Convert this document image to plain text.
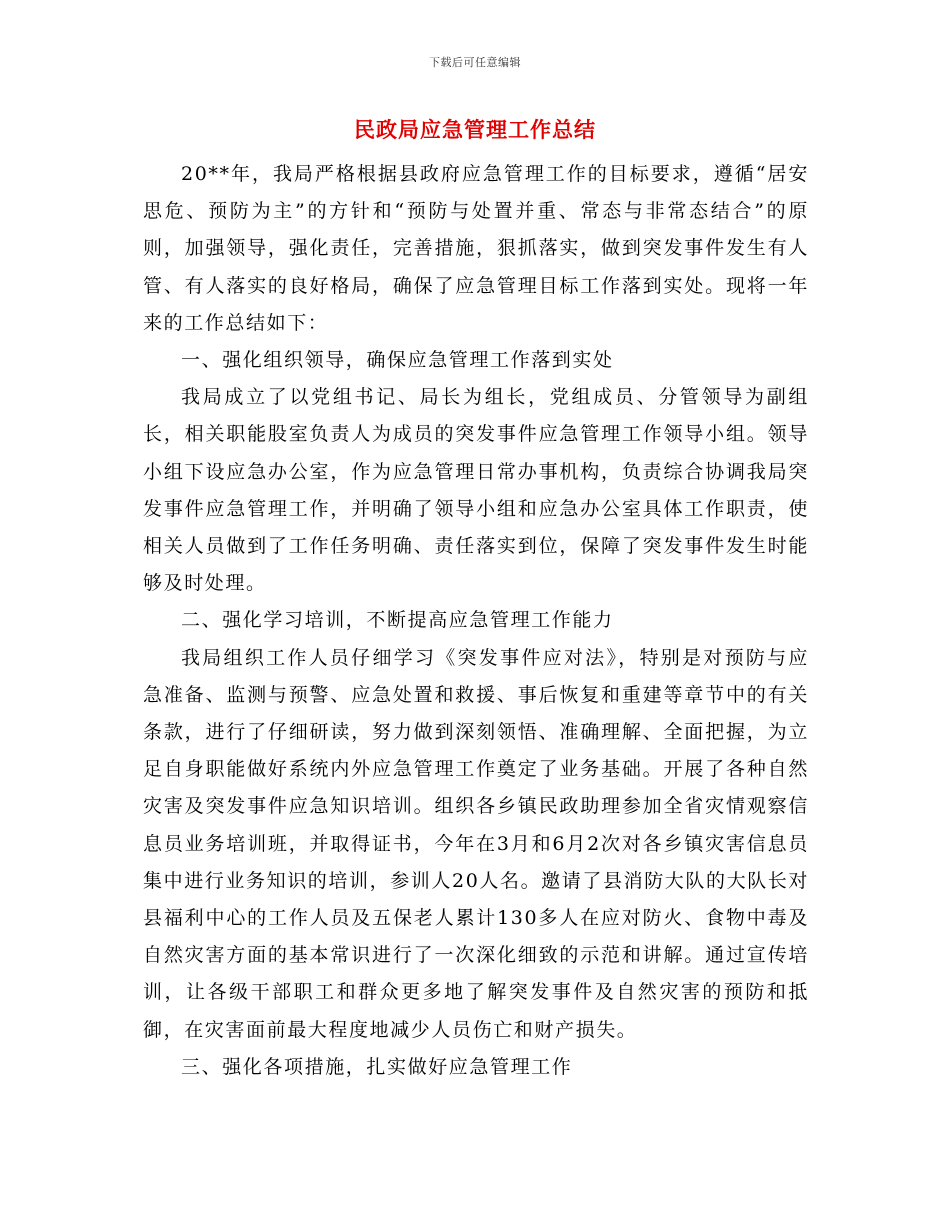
下载后可任意编辑
民政局应急管理工作总结

20**年，我局严格根据县政府应急管理工作的目标要求，遵循“居安思危、预防为主”的方针和“预防与处置并重、常态与非常态结合”的原则，加强领导，强化责任，完善措施，狠抓落实，做到突发事件发生有人管、有人落实的良好格局，确保了应急管理目标工作落到实处。现将一年来的工作总结如下：

一、强化组织领导，确保应急管理工作落到实处

我局成立了以党组书记、局长为组长，党组成员、分管领导为副组长，相关职能股室负责人为成员的突发事件应急管理工作领导小组。领导小组下设应急办公室，作为应急管理日常办事机构，负责综合协调我局突发事件应急管理工作，并明确了领导小组和应急办公室具体工作职责，使相关人员做到了工作任务明确、责任落实到位，保障了突发事件发生时能够及时处理。

二、强化学习培训，不断提高应急管理工作能力

我局组织工作人员仔细学习《突发事件应对法》，特别是对预防与应急准备、监测与预警、应急处置和救援、事后恢复和重建等章节中的有关条款，进行了仔细研读，努力做到深刻领悟、准确理解、全面把握，为立足自身职能做好系统内外应急管理工作奠定了业务基础。开展了各种自然灾害及突发事件应急知识培训。组织各乡镇民政助理参加全省灾情观察信息员业务培训班，并取得证书，今年在3月和6月2次对各乡镇灾害信息员集中进行业务知识的培训，参训人20人名。邀请了县消防大队的大队长对县福利中心的工作人员及五保老人累计130多人在应对防火、食物中毒及自然灾害方面的基本常识进行了一次深化细致的示范和讲解。通过宣传培训，让各级干部职工和群众更多地了解突发事件及自然灾害的预防和抵御，在灾害面前最大程度地减少人员伤亡和财产损失。

三、强化各项措施，扎实做好应急管理工作
